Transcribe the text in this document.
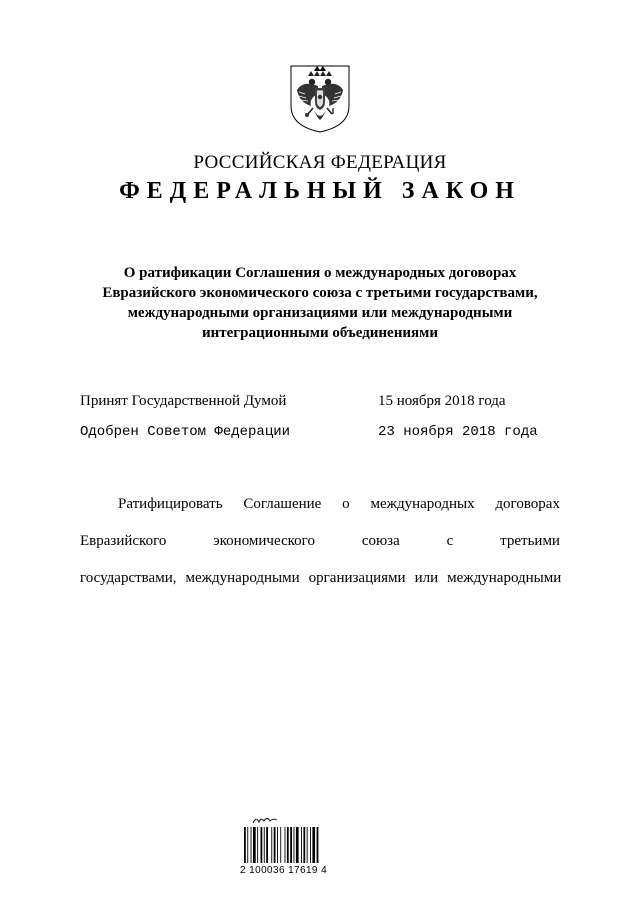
РОССИЙСКАЯ ФЕДЕРАЦИЯ
ФЕДЕРАЛЬНЫЙ ЗАКОН
О ратификации Соглашения о международных договорах
Евразийского экономического союза с третьими государствами,
международными организациями или международными
интеграционными объединениями
Принят Государственной Думой	15 ноября 2018 года
Одобрен Советом Федерации	23 ноября 2018 года
Ратифицировать Соглашение о международных договорах
Евразийского	экономического	союза	с	третьими
государствами, международными организациями или международными
2 100036 17619 4
